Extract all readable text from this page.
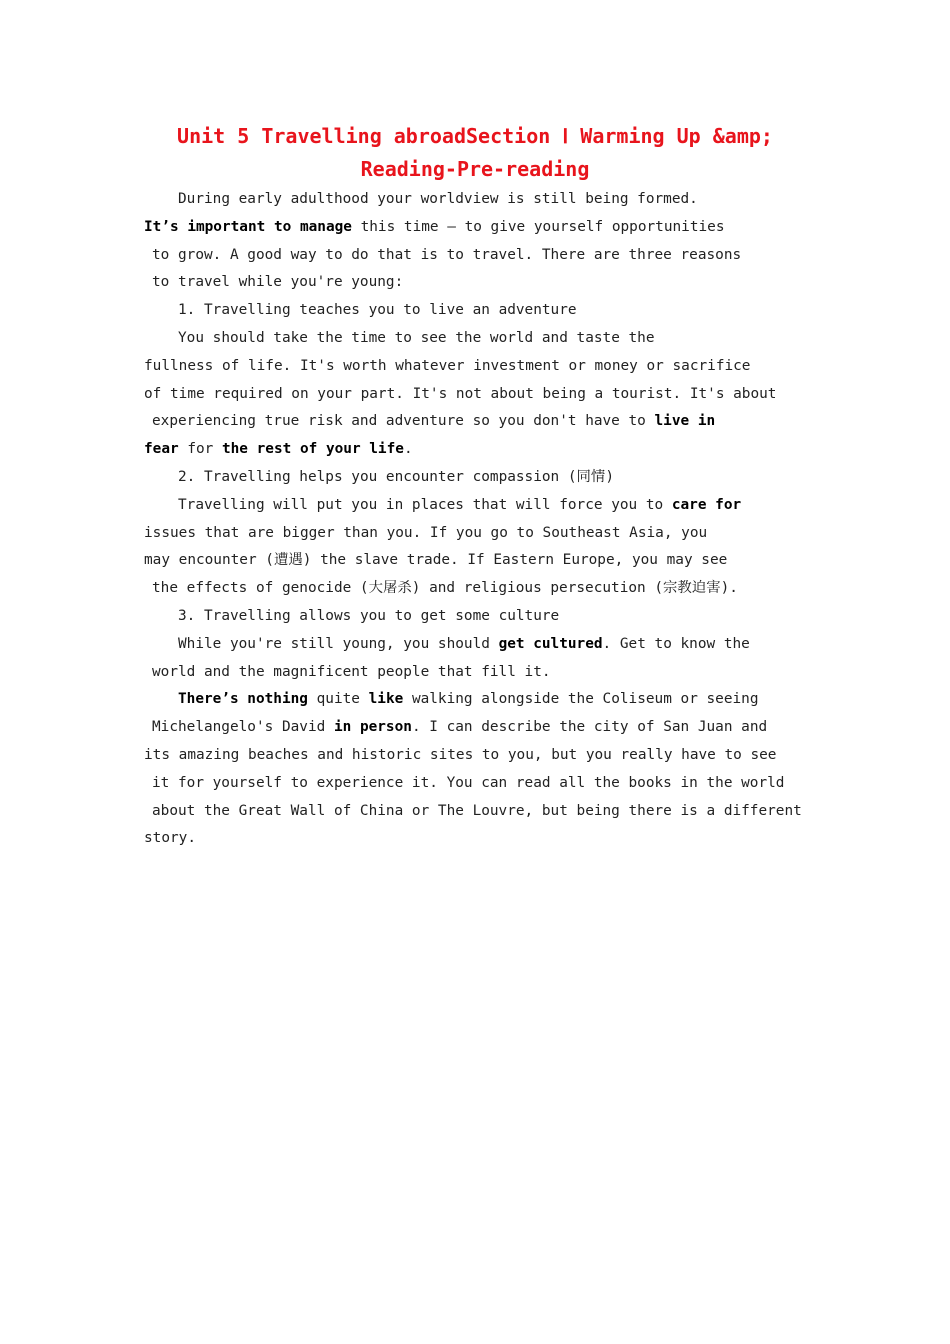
Unit 5 Travelling abroadSection Ⅰ Warming Up &amp;
Reading-Pre-reading
During early adulthood your worldview is still being formed.
It’s important to manage this time — to give yourself opportunities
to grow. A good way to do that is to travel. There are three reasons
to travel while you're young:
1. Travelling teaches you to live an adventure
You should take the time to see the world and taste the
fullness of life. It's worth whatever investment or money or sacrifice
of time required on your part. It's not about being a tourist. It's about
experiencing true risk and adventure so you don't have to live in
fear for the rest of your life.
2. Travelling helps you encounter compassion (同情)
Travelling will put you in places that will force you to care for
issues that are bigger than you. If you go to Southeast Asia, you
may encounter (遭遇) the slave trade. If Eastern Europe, you may see
the effects of genocide (大屠杀) and religious persecution (宗教迫害).
3. Travelling allows you to get some culture
While you're still young, you should get cultured. Get to know the
world and the magnificent people that fill it.
There’s nothing quite like walking alongside the Coliseum or seeing
Michelangelo's David in person. I can describe the city of San Juan and
its amazing beaches and historic sites to you, but you really have to see
it for yourself to experience it. You can read all the books in the world
about the Great Wall of China or The Louvre, but being there is a different
story.
